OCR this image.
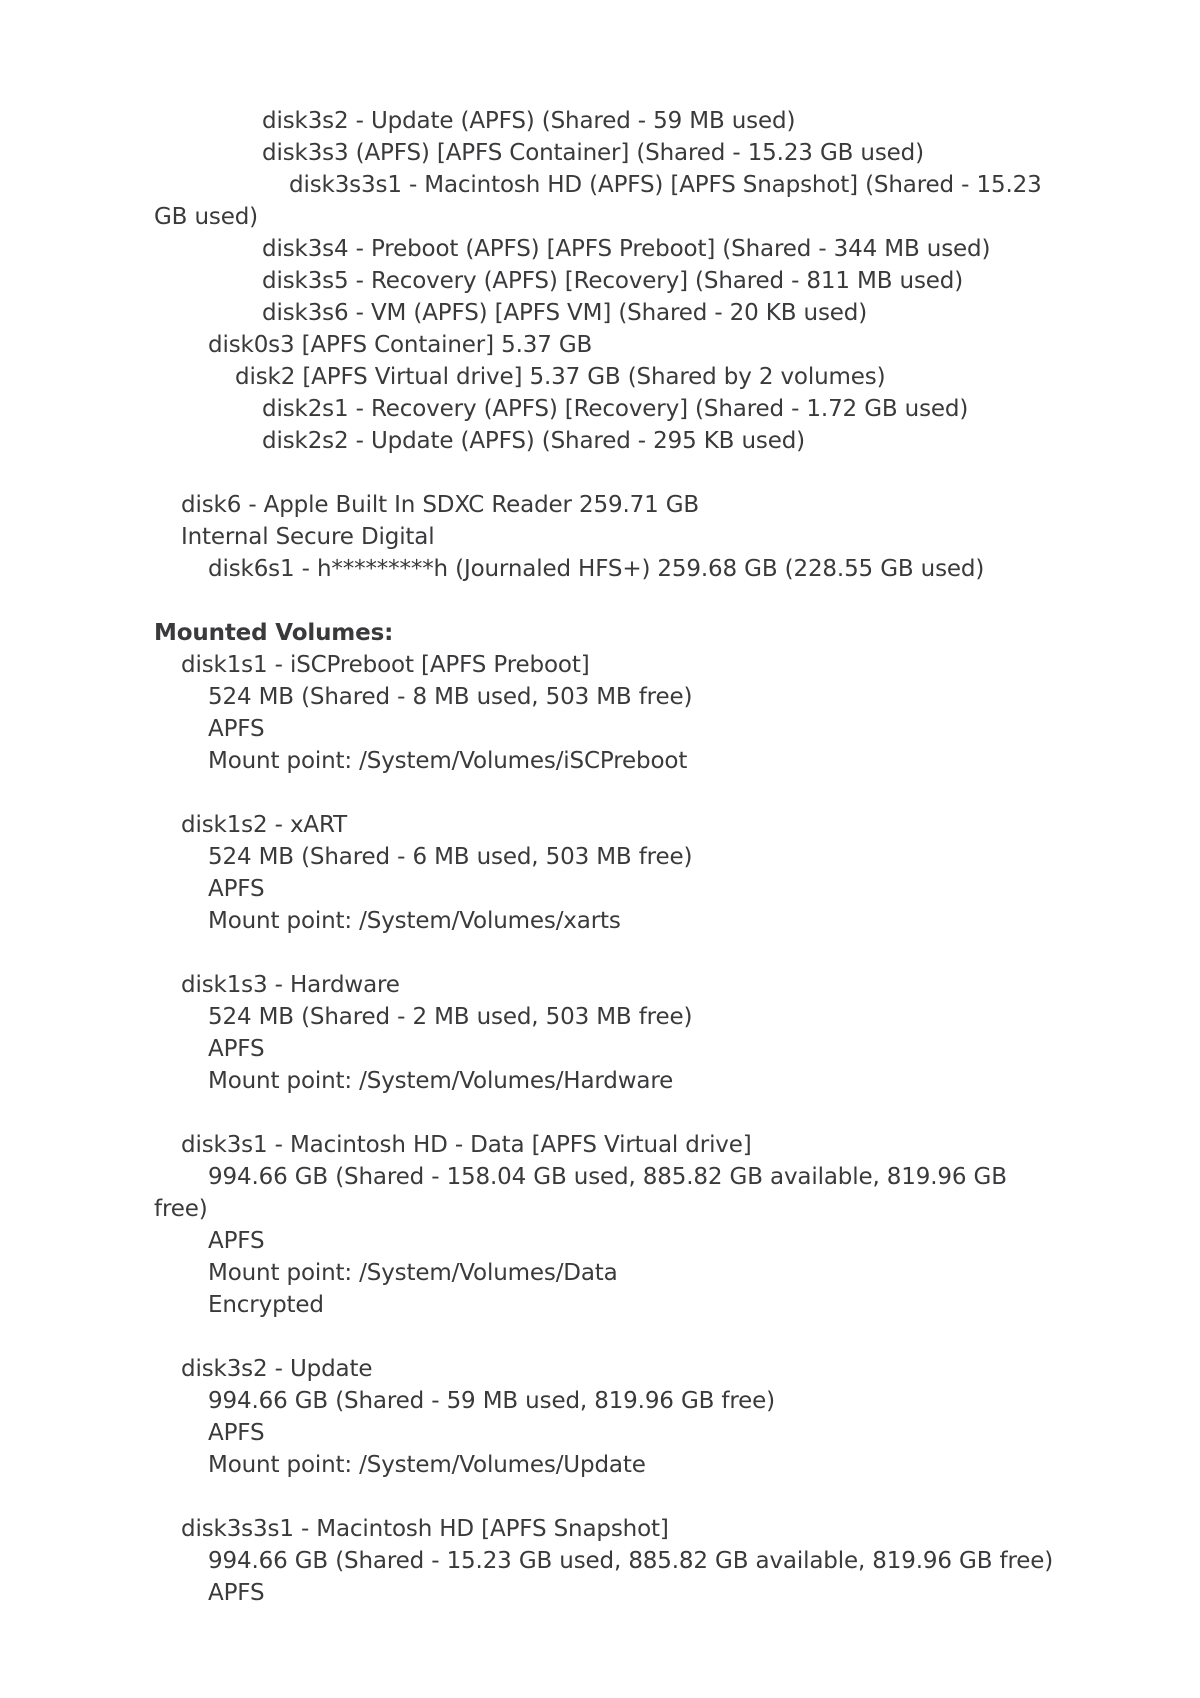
disk3s2 - Update (APFS) (Shared - 59 MB used)
disk3s3 (APFS) [APFS Container] (Shared - 15.23 GB used)
disk3s3s1 - Macintosh HD (APFS) [APFS Snapshot] (Shared - 15.23
GB used)
disk3s4 - Preboot (APFS) [APFS Preboot] (Shared - 344 MB used)
disk3s5 - Recovery (APFS) [Recovery] (Shared - 811 MB used)
disk3s6 - VM (APFS) [APFS VM] (Shared - 20 KB used)
disk0s3 [APFS Container] 5.37 GB
disk2 [APFS Virtual drive] 5.37 GB (Shared by 2 volumes)
disk2s1 - Recovery (APFS) [Recovery] (Shared - 1.72 GB used)
disk2s2 - Update (APFS) (Shared - 295 KB used)
disk6 - Apple Built In SDXC Reader 259.71 GB
Internal Secure Digital
disk6s1 - h*********h (Journaled HFS+) 259.68 GB (228.55 GB used)
Mounted Volumes:
disk1s1 - iSCPreboot [APFS Preboot]
524 MB (Shared - 8 MB used, 503 MB free)
APFS
Mount point: /System/Volumes/iSCPreboot
disk1s2 - xART
524 MB (Shared - 6 MB used, 503 MB free)
APFS
Mount point: /System/Volumes/xarts
disk1s3 - Hardware
524 MB (Shared - 2 MB used, 503 MB free)
APFS
Mount point: /System/Volumes/Hardware
disk3s1 - Macintosh HD - Data [APFS Virtual drive]
994.66 GB (Shared - 158.04 GB used, 885.82 GB available, 819.96 GB
free)
APFS
Mount point: /System/Volumes/Data
Encrypted
disk3s2 - Update
994.66 GB (Shared - 59 MB used, 819.96 GB free)
APFS
Mount point: /System/Volumes/Update
disk3s3s1 - Macintosh HD [APFS Snapshot]
994.66 GB (Shared - 15.23 GB used, 885.82 GB available, 819.96 GB free)
APFS
